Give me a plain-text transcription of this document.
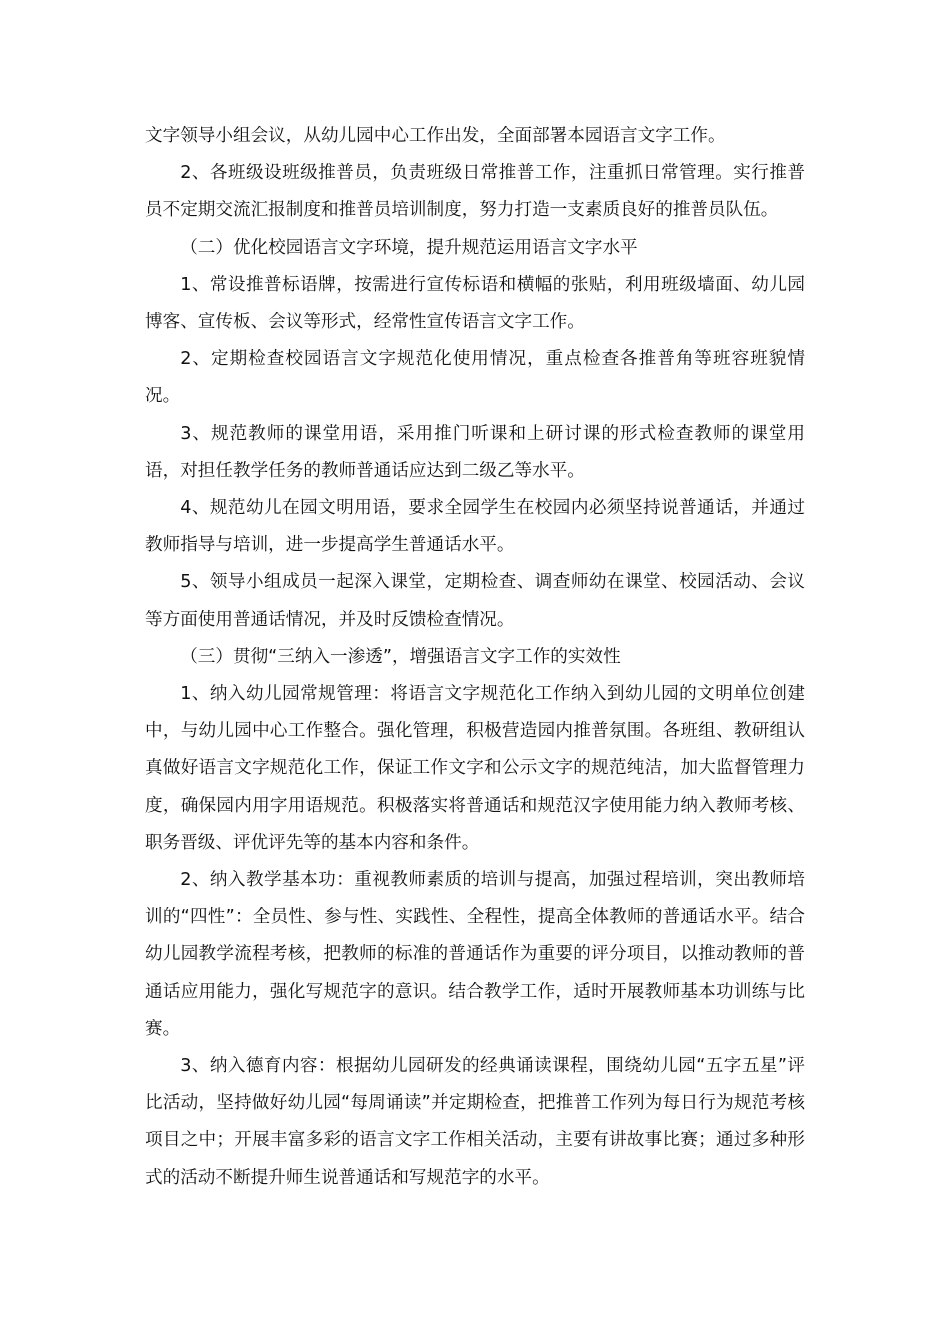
文字领导小组会议，从幼儿园中心工作出发，全面部署本园语言文字工作。

2、各班级设班级推普员，负责班级日常推普工作，注重抓日常管理。实行推普员不定期交流汇报制度和推普员培训制度，努力打造一支素质良好的推普员队伍。

（二）优化校园语言文字环境，提升规范运用语言文字水平

1、常设推普标语牌，按需进行宣传标语和横幅的张贴，利用班级墙面、幼儿园博客、宣传板、会议等形式，经常性宣传语言文字工作。

2、定期检查校园语言文字规范化使用情况，重点检查各推普角等班容班貌情况。

3、规范教师的课堂用语，采用推门听课和上研讨课的形式检查教师的课堂用语，对担任教学任务的教师普通话应达到二级乙等水平。

4、规范幼儿在园文明用语，要求全园学生在校园内必须坚持说普通话，并通过教师指导与培训，进一步提高学生普通话水平。

5、领导小组成员一起深入课堂，定期检查、调查师幼在课堂、校园活动、会议等方面使用普通话情况，并及时反馈检查情况。

（三）贯彻“三纳入一渗透”，增强语言文字工作的实效性

1、纳入幼儿园常规管理：将语言文字规范化工作纳入到幼儿园的文明单位创建中，与幼儿园中心工作整合。强化管理，积极营造园内推普氛围。各班组、教研组认真做好语言文字规范化工作，保证工作文字和公示文字的规范纯洁，加大监督管理力度，确保园内用字用语规范。积极落实将普通话和规范汉字使用能力纳入教师考核、职务晋级、评优评先等的基本内容和条件。

2、纳入教学基本功：重视教师素质的培训与提高，加强过程培训，突出教师培训的“四性”：全员性、参与性、实践性、全程性，提高全体教师的普通话水平。结合幼儿园教学流程考核，把教师的标准的普通话作为重要的评分项目，以推动教师的普通话应用能力，强化写规范字的意识。结合教学工作，适时开展教师基本功训练与比赛。

3、纳入德育内容：根据幼儿园研发的经典诵读课程，围绕幼儿园“五字五星”评比活动，坚持做好幼儿园“每周诵读”并定期检查，把推普工作列为每日行为规范考核项目之中；开展丰富多彩的语言文字工作相关活动，主要有讲故事比赛；通过多种形式的活动不断提升师生说普通话和写规范字的水平。
